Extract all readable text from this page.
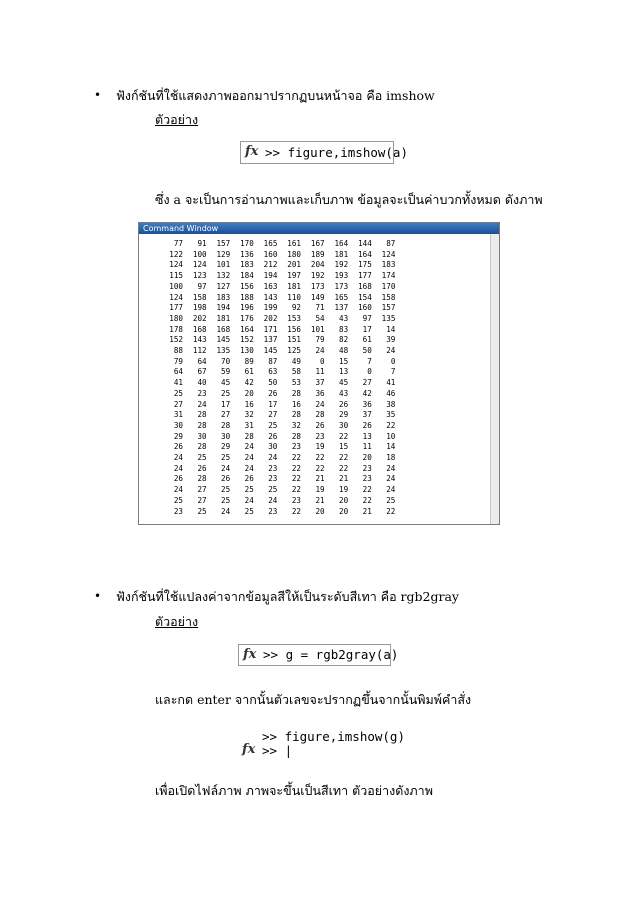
• ฟังก์ชันที่ใช้แสดงภาพออกมาปรากฏบนหน้าจอ คือ imshow
ตัวอย่าง
fx >> figure,imshow(a)
ซึ่ง a จะเป็นการอ่านภาพและเก็บภาพ ข้อมูลจะเป็นค่าบวกทั้งหมด ดังภาพ
Command Window
77	91	157	170	165	161	167	164	144	87
122	100	129	136	160	180	189	181	164	124
124	124	101	183	212	201	204	192	175	183
115	123	132	184	194	197	192	193	177	174
100	97	127	156	163	181	173	173	168	170
124	158	183	188	143	110	149	165	154	158
177	198	194	196	199	92	71	137	160	157
180	202	181	176	202	153	54	43	97	135
178	168	168	164	171	156	101	83	17	14
152	143	145	152	137	151	79	82	61	39
88	112	135	130	145	125	24	48	50	24
79	64	70	89	87	49	0	15	7	0
64	67	59	61	63	58	11	13	0	7
41	40	45	42	50	53	37	45	27	41
25	23	25	20	26	28	36	43	42	46
27	24	17	16	17	16	24	26	36	38
31	28	27	32	27	28	28	29	37	35
30	28	28	31	25	32	26	30	26	22
29	30	30	28	26	28	23	22	13	10
26	28	29	24	30	23	19	15	11	14
24	25	25	24	24	22	22	22	20	18
24	26	24	24	23	22	22	22	23	24
26	28	26	26	23	22	21	21	23	24
24	27	25	25	25	22	19	19	22	24
25	27	25	24	24	23	21	20	22	25
23	25	24	25	23	22	20	20	21	22
• ฟังก์ชันที่ใช้แปลงค่าจากข้อมูลสีให้เป็นระดับสีเทา คือ rgb2gray
ตัวอย่าง
fx >> g = rgb2gray(a)
และกด enter จากนั้นตัวเลขจะปรากฏขึ้นจากนั้นพิมพ์คำสั่ง
>> figure,imshow(g)
fx >> |
เพื่อเปิดไฟล์ภาพ ภาพจะขึ้นเป็นสีเทา ตัวอย่างดังภาพ
